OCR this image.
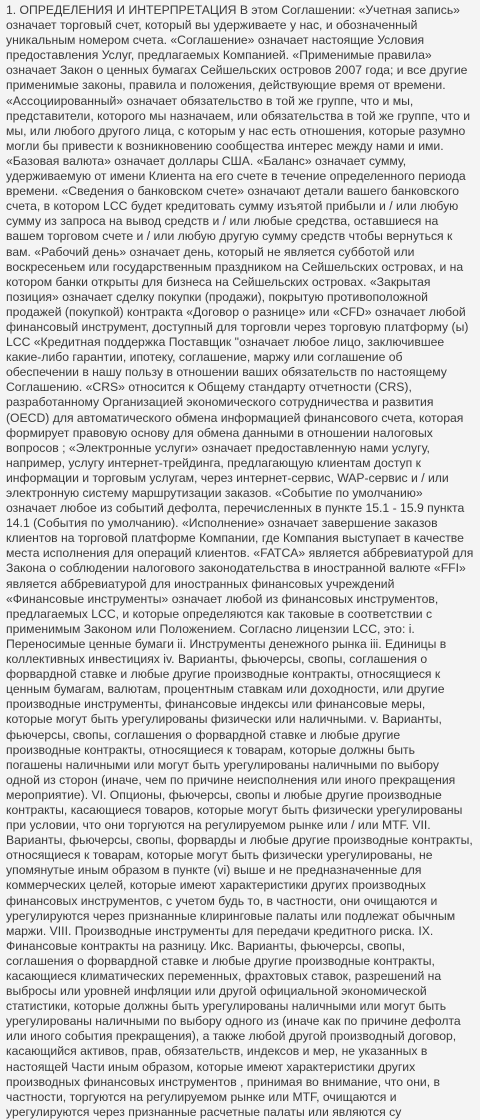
1. ОПРЕДЕЛЕНИЯ И ИНТЕРПРЕТАЦИЯ В этом Соглашении: «Учетная запись» означает торговый счет, который вы удерживаете у нас, и обозначенный уникальным номером счета. «Соглашение» означает настоящие Условия предоставления Услуг, предлагаемых Компанией. «Применимые правила» означает Закон о ценных бумагах Сейшельских островов 2007 года; и все другие применимые законы, правила и положения, действующие время от времени. «Ассоциированный» означает обязательство в той же группе, что и мы, представители, которого мы назначаем, или обязательства в той же группе, что и мы, или любого другого лица, с которым у нас есть отношения, которые разумно могли бы привести к возникновению сообщества интерес между нами и ими. «Базовая валюта» означает доллары США. «Баланс» означает сумму, удерживаемую от имени Клиента на его счете в течение определенного периода времени. «Сведения о банковском счете» означают детали вашего банковского счета, в котором LCC будет кредитовать сумму изъятой прибыли и / или любую сумму из запроса на вывод средств и / или любые средства, оставшиеся на вашем торговом счете и / или любую другую сумму средств чтобы вернуться к вам. «Рабочий день» означает день, который не является субботой или воскресеньем или государственным праздником на Сейшельских островах, и на котором банки открыты для бизнеса на Сейшельских островах. «Закрытая позиция» означает сделку покупки (продажи), покрытую противоположной продажей (покупкой) контракта «Договор о разнице» или «CFD» означает любой финансовый инструмент, доступный для торговли через торговую платформу (ы) LCC «Кредитная поддержка Поставщик "означает любое лицо, заключившее какие-либо гарантии, ипотеку, соглашение, маржу или соглашение об обеспечении в нашу пользу в отношении ваших обязательств по настоящему Соглашению. «CRS» относится к Общему стандарту отчетности (CRS), разработанному Организацией экономического сотрудничества и развития (OECD) для автоматического обмена информацией финансового счета, которая формирует правовую основу для обмена данными в отношении налоговых вопросов ; «Электронные услуги» означает предоставленную нами услугу, например, услугу интернет-трейдинга, предлагающую клиентам доступ к информации и торговым услугам, через интернет-сервис, WAP-сервис и / или электронную систему маршрутизации заказов. «Событие по умолчанию» означает любое из событий дефолта, перечисленных в пункте 15.1 - 15.9 пункта 14.1 (События по умолчанию). «Исполнение» означает завершение заказов клиентов на торговой платформе Компании, где Компания выступает в качестве места исполнения для операций клиентов. «FATCA» является аббревиатурой для Закона о соблюдении налогового законодательства в иностранной валюте «FFI» является аббревиатурой для иностранных финансовых учреждений «Финансовые инструменты» означает любой из финансовых инструментов, предлагаемых LCC, и которые определяются как таковые в соответствии с применимым Законом или Положением. Согласно лицензии LCC, это: i. Переносимые ценные бумаги ii. Инструменты денежного рынка iii. Единицы в коллективных инвестициях iv. Варианты, фьючерсы, свопы, соглашения о форвардной ставке и любые другие производные контракты, относящиеся к ценным бумагам, валютам, процентным ставкам или доходности, или другие производные инструменты, финансовые индексы или финансовые меры, которые могут быть урегулированы физически или наличными. v. Варианты, фьючерсы, свопы, соглашения о форвардной ставке и любые другие производные контракты, относящиеся к товарам, которые должны быть погашены наличными или могут быть урегулированы наличными по выбору одной из сторон (иначе, чем по причине неисполнения или иного прекращения мероприятие). VI. Опционы, фьючерсы, свопы и любые другие производные контракты, касающиеся товаров, которые могут быть физически урегулированы при условии, что они торгуются на регулируемом рынке или / или MTF. VII. Варианты, фьючерсы, свопы, форварды и любые другие производные контракты, относящиеся к товарам, которые могут быть физически урегулированы, не упомянутые иным образом в пункте (vi) выше и не предназначенные для коммерческих целей, которые имеют характеристики других производных финансовых инструментов, с учетом будь то, в частности, они очищаются и урегулируются через признанные клиринговые палаты или подлежат обычным маржи. VIII. Производные инструменты для передачи кредитного риска. IX. Финансовые контракты на разницу. Икс. Варианты, фьючерсы, свопы, соглашения о форвардной ставке и любые другие производные контракты, касающиеся климатических переменных, фрахтовых ставок, разрешений на выбросы или уровней инфляции или другой официальной экономической статистики, которые должны быть урегулированы наличными или могут быть урегулированы наличными по выбору одного из (иначе как по причине дефолта или иного события прекращения), а также любой другой производный договор, касающийся активов, прав, обязательств, индексов и мер, не указанных в настоящей Части иным образом, которые имеют характеристики других производных финансовых инструментов , принимая во внимание, что они, в частности, торгуются на регулируемом рынке или MTF, очищаются и урегулируются через признанные расчетные палаты или являются су
